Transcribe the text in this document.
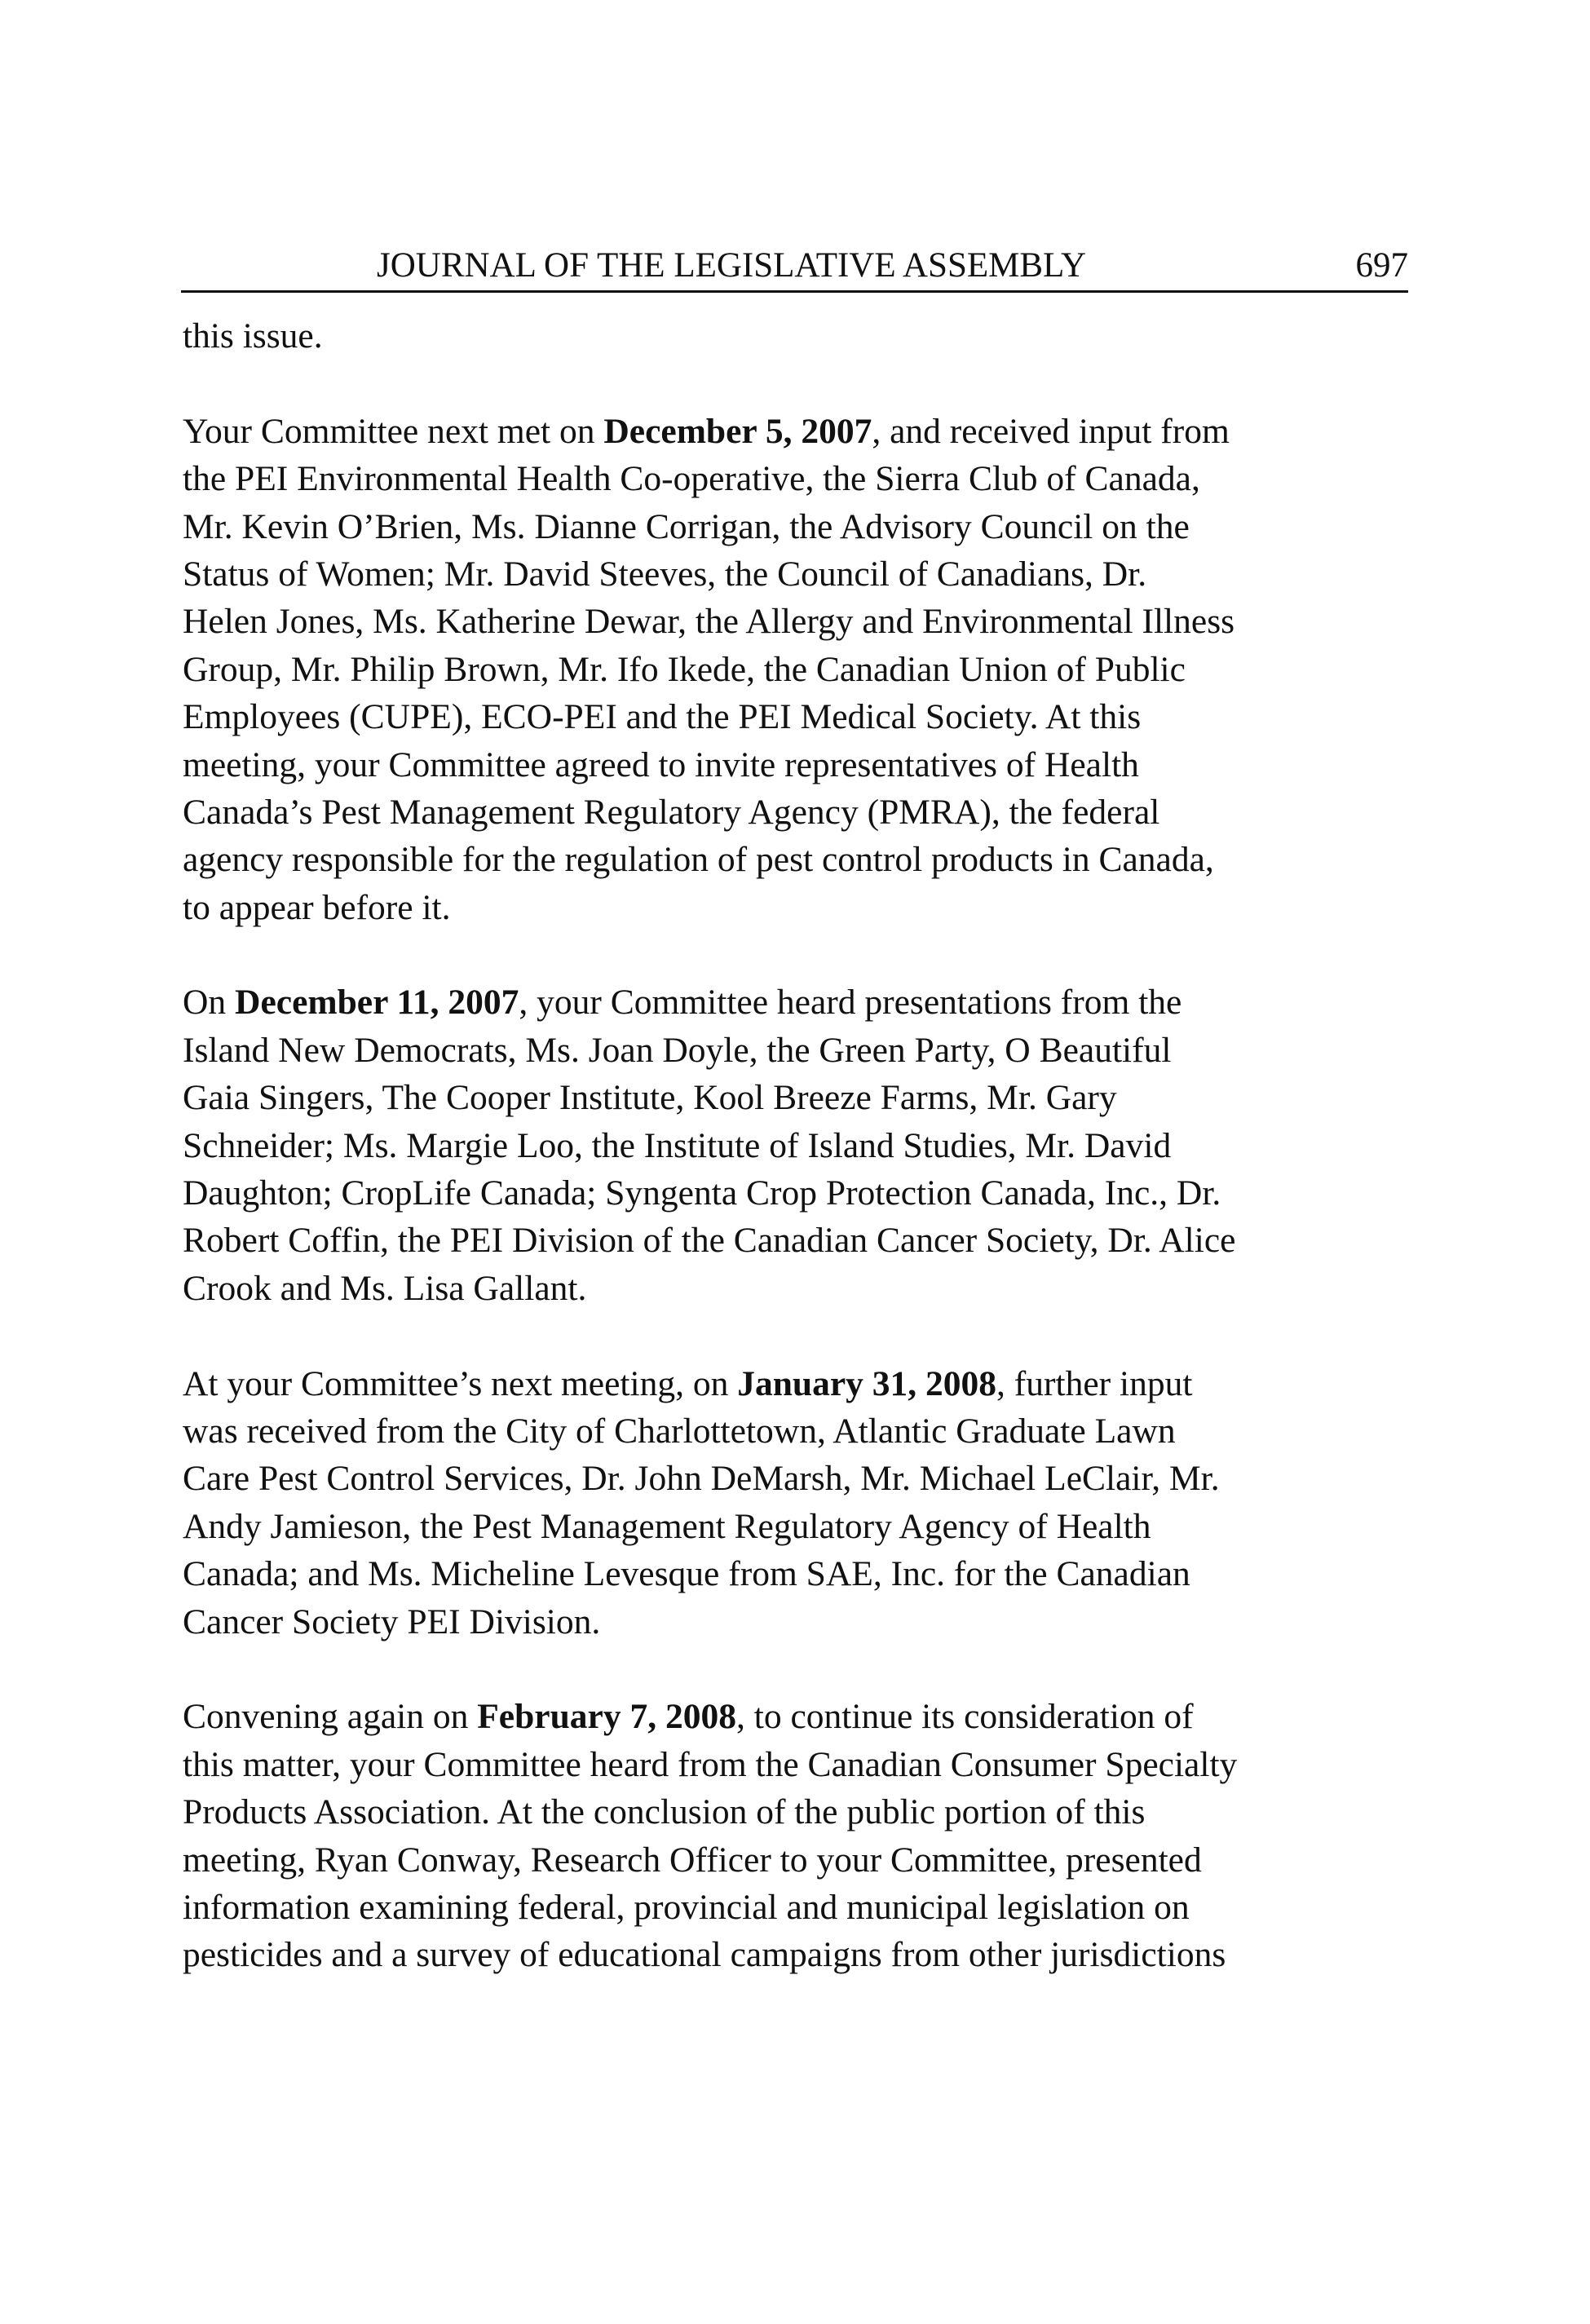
JOURNAL OF THE LEGISLATIVE ASSEMBLY	697

this issue.

Your Committee next met on December 5, 2007, and received input from
the PEI Environmental Health Co-operative, the Sierra Club of Canada,
Mr. Kevin O’Brien, Ms. Dianne Corrigan, the Advisory Council on the
Status of Women; Mr. David Steeves, the Council of Canadians, Dr.
Helen Jones, Ms. Katherine Dewar, the Allergy and Environmental Illness
Group, Mr. Philip Brown, Mr. Ifo Ikede, the Canadian Union of Public
Employees (CUPE), ECO-PEI and the PEI Medical Society. At this
meeting, your Committee agreed to invite representatives of Health
Canada’s Pest Management Regulatory Agency (PMRA), the federal
agency responsible for the regulation of pest control products in Canada,
to appear before it.

On December 11, 2007, your Committee heard presentations from the
Island New Democrats, Ms. Joan Doyle, the Green Party, O Beautiful
Gaia Singers, The Cooper Institute, Kool Breeze Farms, Mr. Gary
Schneider; Ms. Margie Loo, the Institute of Island Studies, Mr. David
Daughton; CropLife Canada; Syngenta Crop Protection Canada, Inc., Dr.
Robert Coffin, the PEI Division of the Canadian Cancer Society, Dr. Alice
Crook and Ms. Lisa Gallant.

At your Committee’s next meeting, on January 31, 2008, further input
was received from the City of Charlottetown, Atlantic Graduate Lawn
Care Pest Control Services, Dr. John DeMarsh, Mr. Michael LeClair, Mr.
Andy Jamieson, the Pest Management Regulatory Agency of Health
Canada; and Ms. Micheline Levesque from SAE, Inc. for the Canadian
Cancer Society PEI Division.

Convening again on February 7, 2008, to continue its consideration of
this matter, your Committee heard from the Canadian Consumer Specialty
Products Association. At the conclusion of the public portion of this
meeting, Ryan Conway, Research Officer to your Committee, presented
information examining federal, provincial and municipal legislation on
pesticides and a survey of educational campaigns from other jurisdictions
